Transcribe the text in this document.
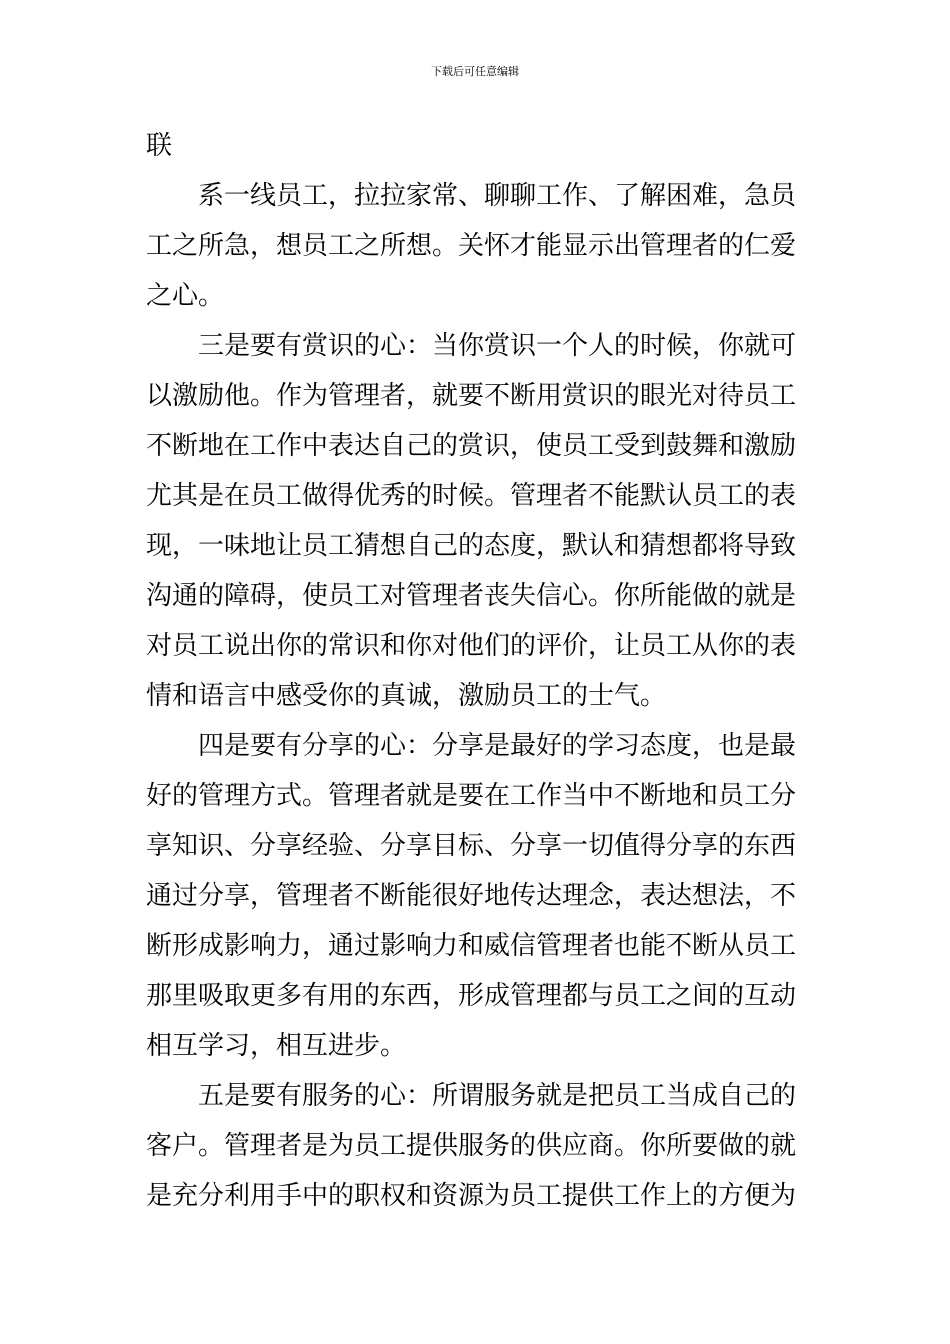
下载后可任意编辑
联
系一线员工，拉拉家常、聊聊工作、了解困难，急员
工之所急，想员工之所想。关怀才能显示出管理者的仁爱
之心。
三是要有赏识的心：当你赏识一个人的时候，你就可
以激励他。作为管理者，就要不断用赏识的眼光对待员工
不断地在工作中表达自己的赏识，使员工受到鼓舞和激励
尤其是在员工做得优秀的时候。管理者不能默认员工的表
现，一味地让员工猜想自己的态度，默认和猜想都将导致
沟通的障碍，使员工对管理者丧失信心。你所能做的就是
对员工说出你的常识和你对他们的评价，让员工从你的表
情和语言中感受你的真诚，激励员工的士气。
四是要有分享的心：分享是最好的学习态度，也是最
好的管理方式。管理者就是要在工作当中不断地和员工分
享知识、分享经验、分享目标、分享一切值得分享的东西
通过分享，管理者不断能很好地传达理念，表达想法，不
断形成影响力，通过影响力和威信管理者也能不断从员工
那里吸取更多有用的东西，形成管理都与员工之间的互动
相互学习，相互进步。
五是要有服务的心：所谓服务就是把员工当成自己的
客户。管理者是为员工提供服务的供应商。你所要做的就
是充分利用手中的职权和资源为员工提供工作上的方便为
